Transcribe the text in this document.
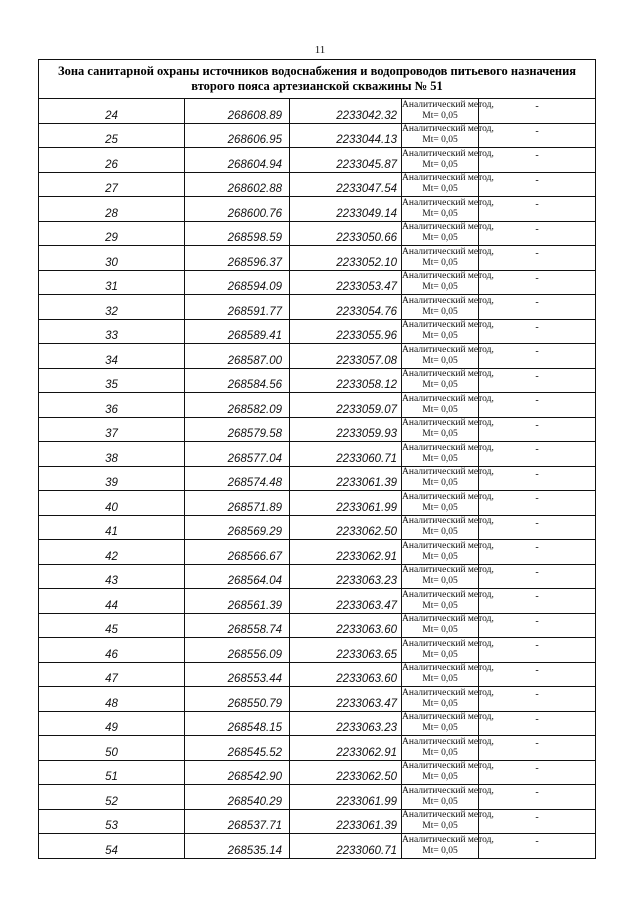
11
Зона санитарной охраны источников водоснабжения и водопроводов питьевого назначения второго пояса артезианской скважины № 51				
24	268608.89	2233042.32	Аналитический метод,
Mt= 0,05	-
25	268606.95	2233044.13	Аналитический метод,
Mt= 0,05	-
26	268604.94	2233045.87	Аналитический метод,
Mt= 0,05	-
27	268602.88	2233047.54	Аналитический метод,
Mt= 0,05	-
28	268600.76	2233049.14	Аналитический метод,
Mt= 0,05	-
29	268598.59	2233050.66	Аналитический метод,
Mt= 0,05	-
30	268596.37	2233052.10	Аналитический метод,
Mt= 0,05	-
31	268594.09	2233053.47	Аналитический метод,
Mt= 0,05	-
32	268591.77	2233054.76	Аналитический метод,
Mt= 0,05	-
33	268589.41	2233055.96	Аналитический метод,
Mt= 0,05	-
34	268587.00	2233057.08	Аналитический метод,
Mt= 0,05	-
35	268584.56	2233058.12	Аналитический метод,
Mt= 0,05	-
36	268582.09	2233059.07	Аналитический метод,
Mt= 0,05	-
37	268579.58	2233059.93	Аналитический метод,
Mt= 0,05	-
38	268577.04	2233060.71	Аналитический метод,
Mt= 0,05	-
39	268574.48	2233061.39	Аналитический метод,
Mt= 0,05	-
40	268571.89	2233061.99	Аналитический метод,
Mt= 0,05	-
41	268569.29	2233062.50	Аналитический метод,
Mt= 0,05	-
42	268566.67	2233062.91	Аналитический метод,
Mt= 0,05	-
43	268564.04	2233063.23	Аналитический метод,
Mt= 0,05	-
44	268561.39	2233063.47	Аналитический метод,
Mt= 0,05	-
45	268558.74	2233063.60	Аналитический метод,
Mt= 0,05	-
46	268556.09	2233063.65	Аналитический метод,
Mt= 0,05	-
47	268553.44	2233063.60	Аналитический метод,
Mt= 0,05	-
48	268550.79	2233063.47	Аналитический метод,
Mt= 0,05	-
49	268548.15	2233063.23	Аналитический метод,
Mt= 0,05	-
50	268545.52	2233062.91	Аналитический метод,
Mt= 0,05	-
51	268542.90	2233062.50	Аналитический метод,
Mt= 0,05	-
52	268540.29	2233061.99	Аналитический метод,
Mt= 0,05	-
53	268537.71	2233061.39	Аналитический метод,
Mt= 0,05	-
54	268535.14	2233060.71	Аналитический метод,
Mt= 0,05	-
